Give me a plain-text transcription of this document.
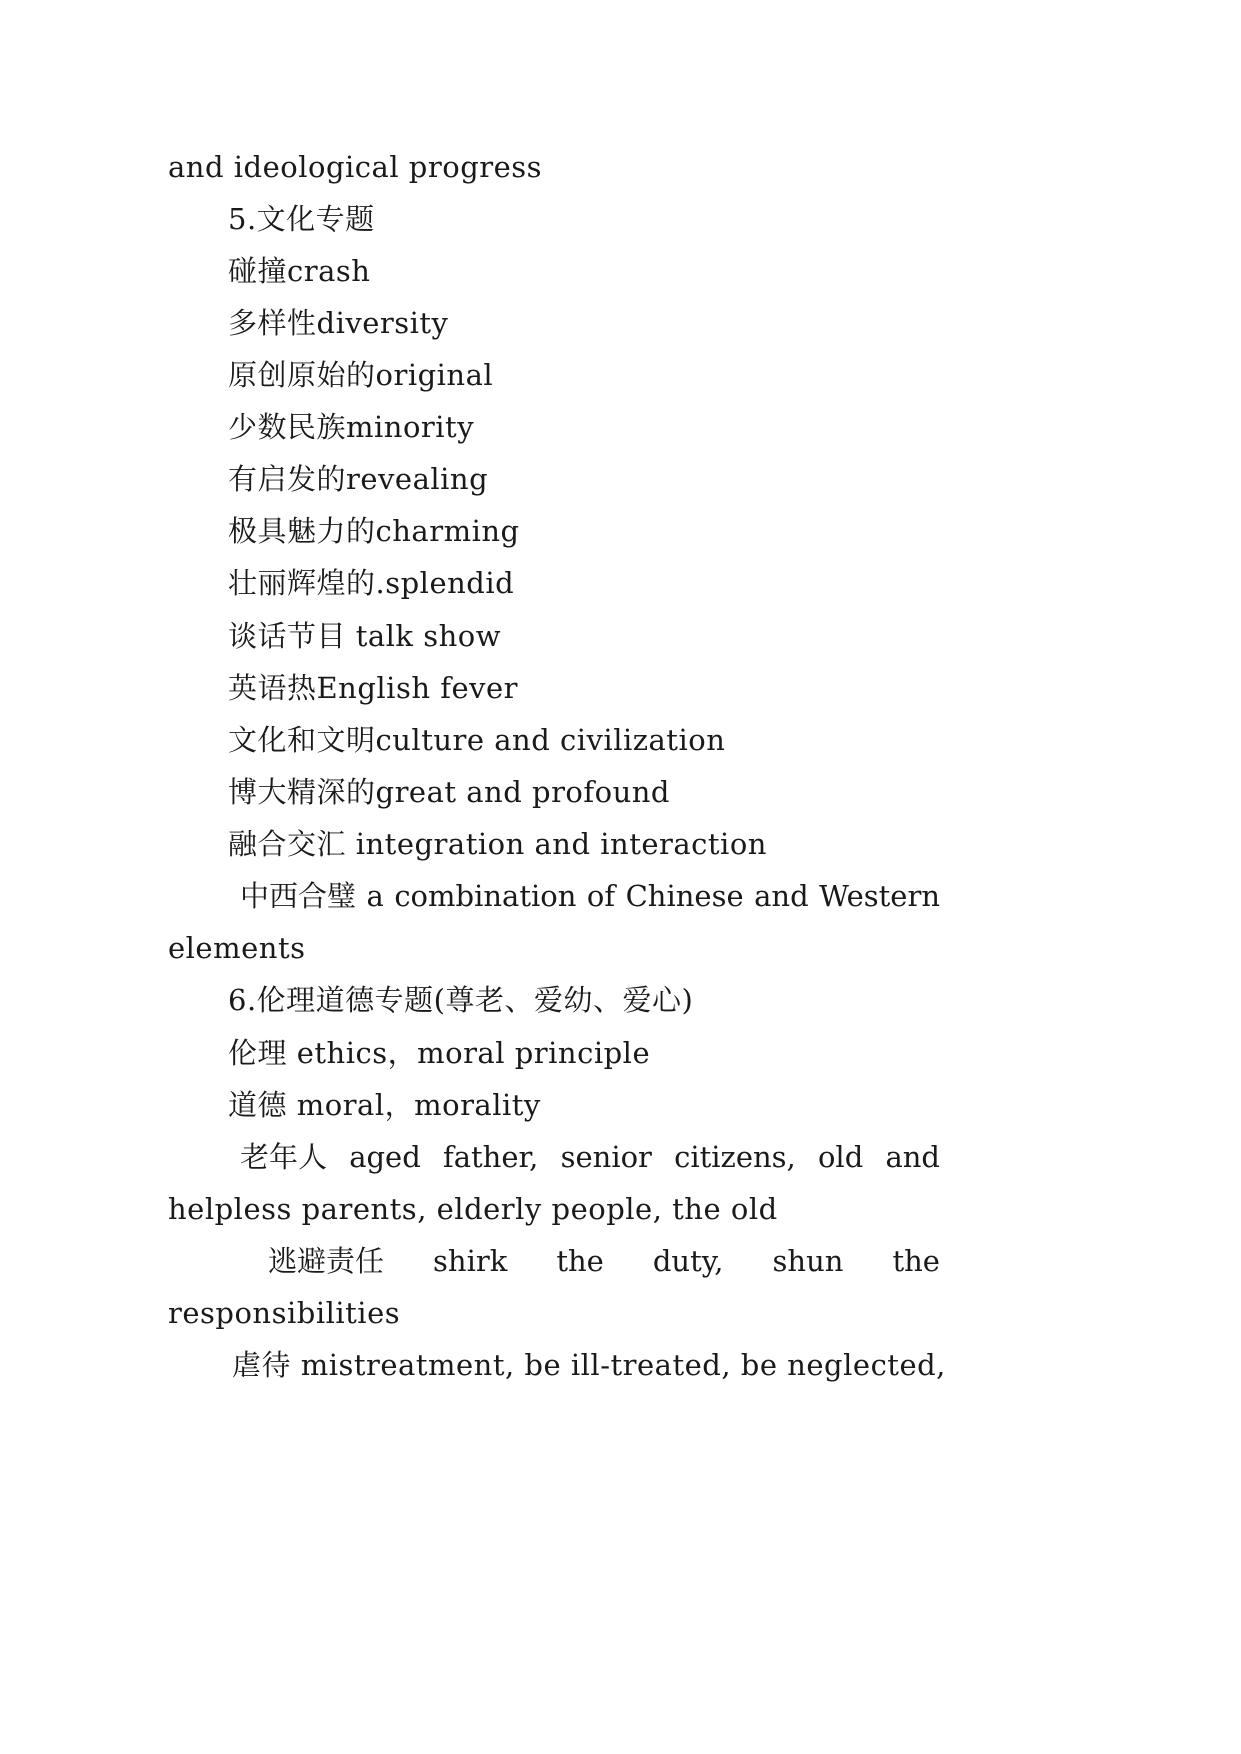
and ideological progress
5.文化专题
碰撞crash
多样性diversity
原创原始的original
少数民族minority
有启发的revealing
极具魅力的charming
壮丽辉煌的.splendid
谈话节目 talk show
英语热English fever
文化和文明culture and civilization
博大精深的great and profound
融合交汇 integration and interaction
中西合璧 a combination of Chinese and Western
elements
6.伦理道德专题(尊老、爱幼、爱心)
伦理 ethics，moral principle
道德 moral，morality
老年人 aged father, senior citizens, old and
helpless parents, elderly people, the old
逃避责任 shirk the duty, shun the
responsibilities
虐待 mistreatment, be ill-treated, be neglected,
